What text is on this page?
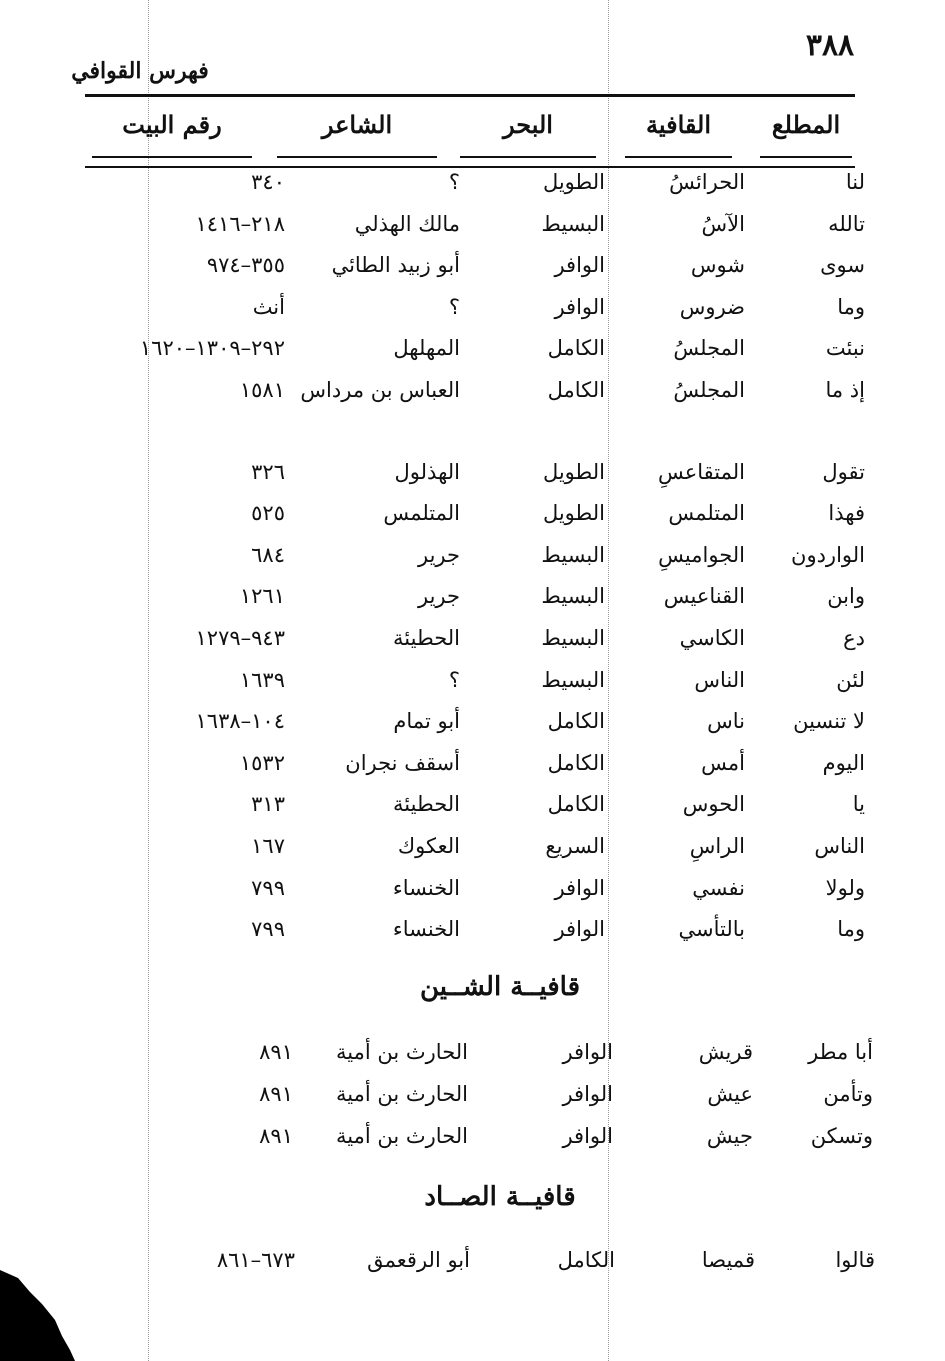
٣٨٨
فهرس القوافي
المطلع
القافية
البحر
الشاعر
رقم البيت
لنا
الحرائسُ
الطويل
؟
٣٤٠
تالله
الآسُ
البسيط
مالك الهذلي
٢١٨–١٤١٦
سوى
شوس
الوافر
أبو زبيد الطائي
٣٥٥–٩٧٤
وما
ضروس
الوافر
؟
أنث
نبئت
المجلسُ
الكامل
المهلهل
٢٩٢–١٣٠٩–١٦٢٠
إذ ما
المجلسُ
الكامل
العباس بن مرداس
١٥٨١
تقول
المتقاعسِ
الطويل
الهذلول
٣٢٦
فهذا
المتلمس
الطويل
المتلمس
٥٢٥
الواردون
الجواميسِ
البسيط
جرير
٦٨٤
وابن
القناعيس
البسيط
جرير
١٢٦١
دع
الكاسي
البسيط
الحطيئة
٩٤٣–١٢٧٩
لئن
الناس
البسيط
؟
١٦٣٩
لا تنسين
ناس
الكامل
أبو تمام
١٠٤–١٦٣٨
اليوم
أمس
الكامل
أسقف نجران
١٥٣٢
يا
الحوس
الكامل
الحطيئة
٣١٣
الناس
الراسِ
السريع
العكوك
١٦٧
ولولا
نفسي
الوافر
الخنساء
٧٩٩
وما
بالتأسي
الوافر
الخنساء
٧٩٩
قافيــة الشــين
أبا مطر
قريش
الوافر
الحارث بن أمية
٨٩١
وتأمن
عيش
الوافر
الحارث بن أمية
٨٩١
وتسكن
جيش
الوافر
الحارث بن أمية
٨٩١
قافيــة الصــاد
قالوا
قميصا
الكامل
أبو الرقعمق
٦٧٣–٨٦١
